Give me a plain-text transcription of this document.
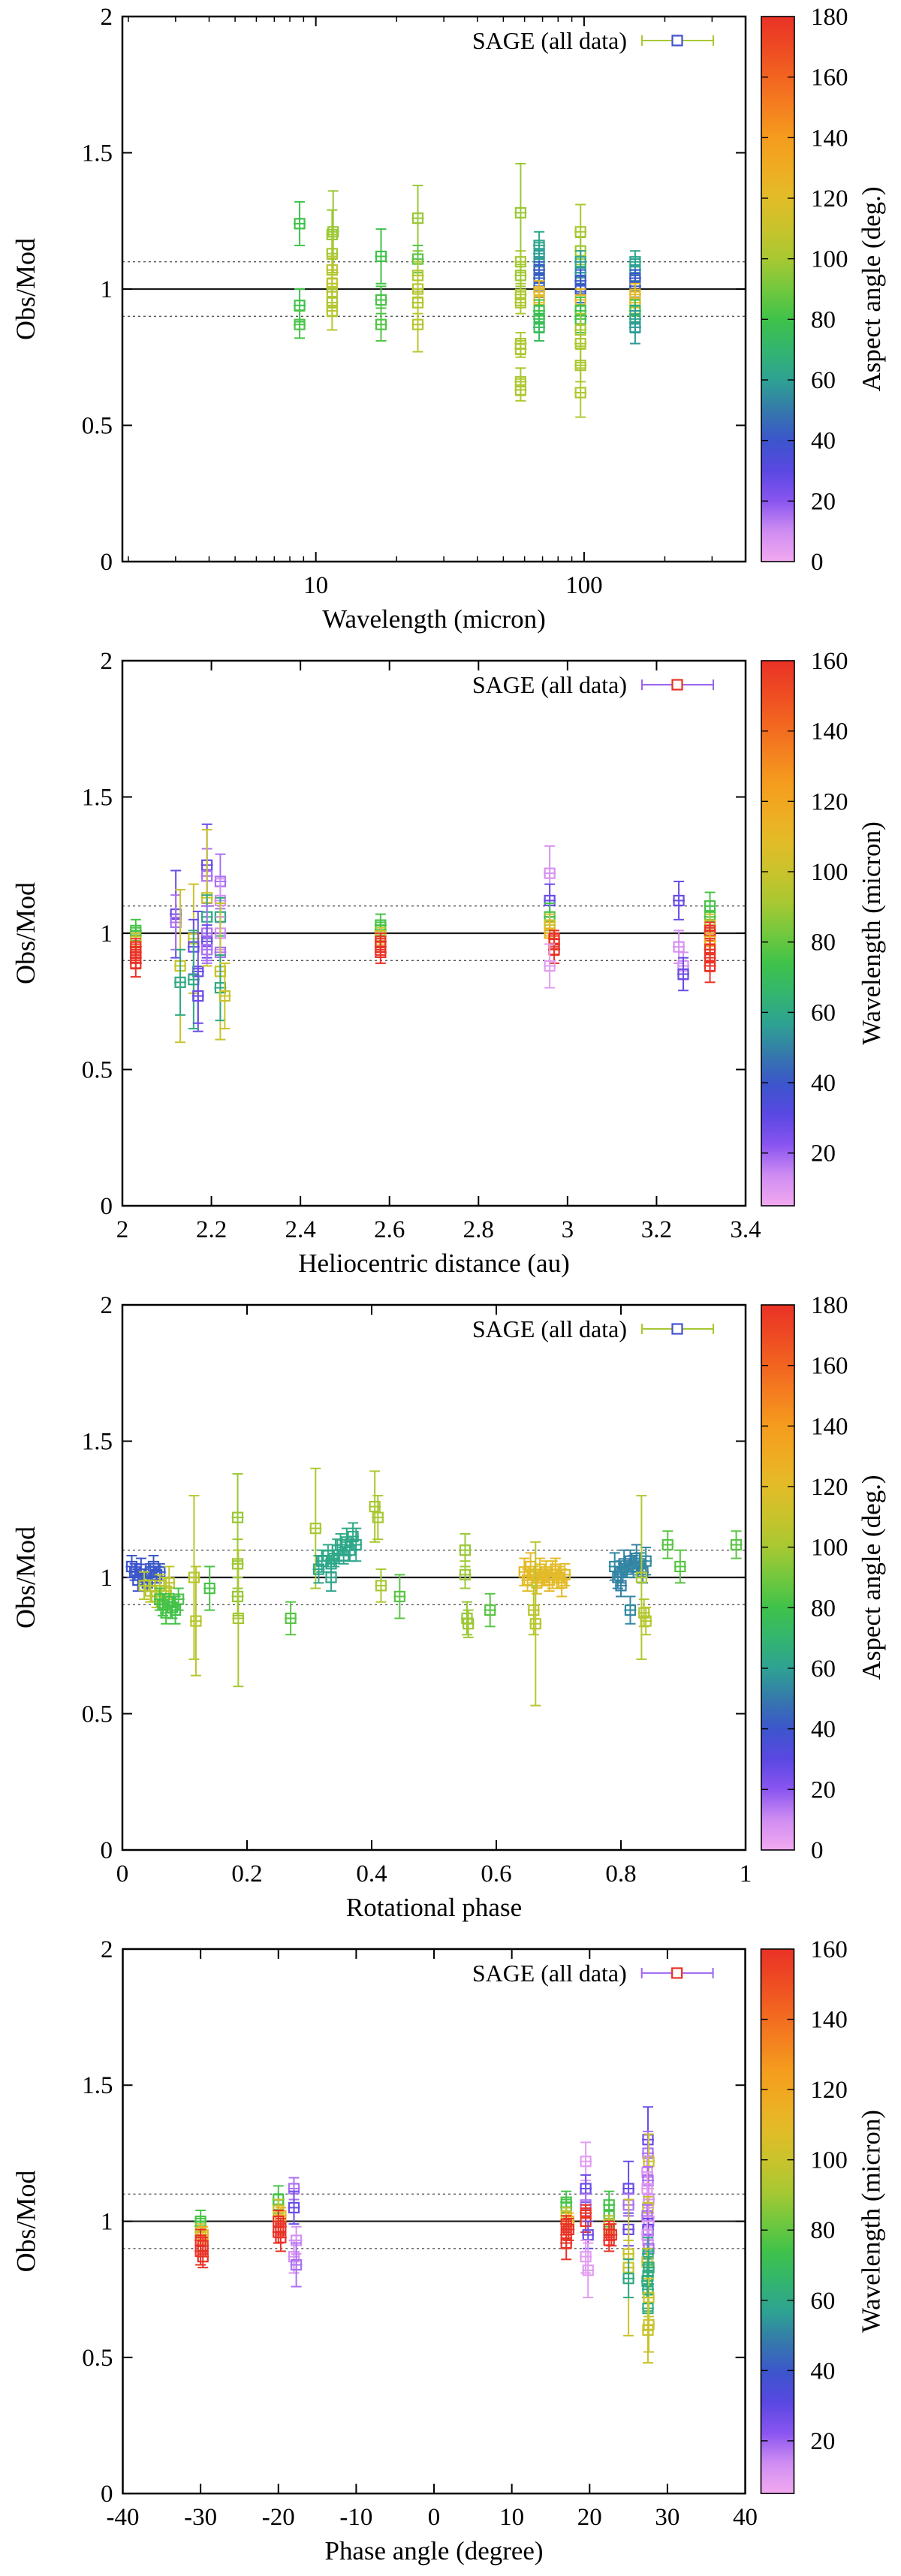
10	100
0
0.5
1
1.5
2
Wavelength (micron)
Obs/Mod
SAGE (all data)
0
20
40
60
80
100
120
140
160
180
Aspect angle (deg.)
2	2.2 2.4 2.6 2.8	3	3.2 3.4
0
0.5
1
1.5
2
Heliocentric distance (au)
Obs/Mod
SAGE (all data)
20
40
60
80
100
120
140
160
Wavelength (micron)
0	0.2	0.4	0.6	0.8	1
0
0.5
1
1.5
2
Rotational phase
Obs/Mod
SAGE (all data)
0
20
40
60
80
100
120
140
160
180
Aspect angle (deg.)
-40 -30 -20 -10 0 10 20 30 40
0
0.5
1
1.5
2
Phase angle (degree)
Obs/Mod
SAGE (all data)
20
40
60
80
100
120
140
160
Wavelength (micron)
